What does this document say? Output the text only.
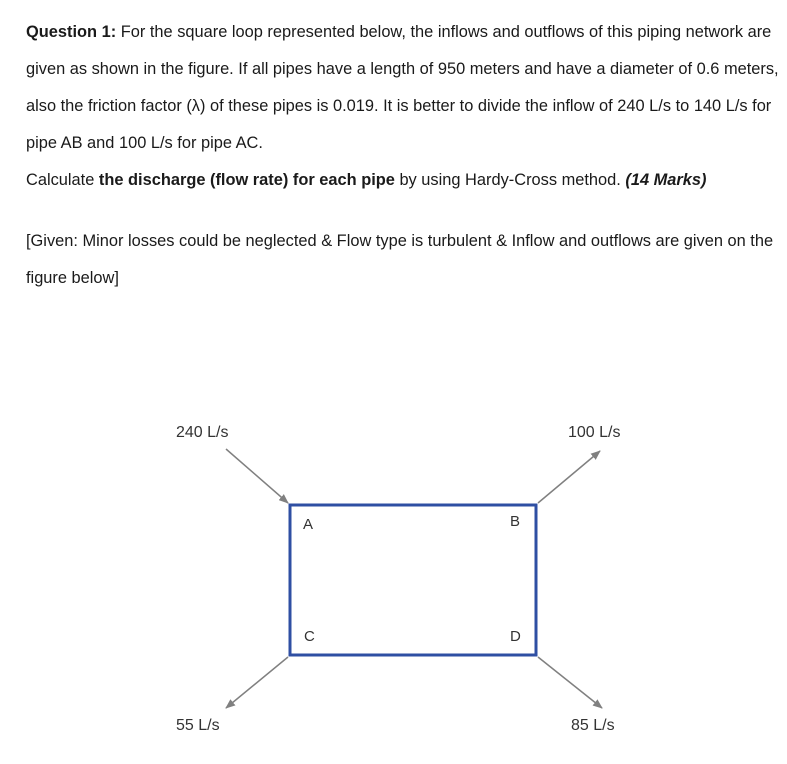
Question 1: For the square loop represented below, the inflows and outflows of this piping network are given as shown in the figure. If all pipes have a length of 950 meters and have a diameter of 0.6 meters, also the friction factor (λ) of these pipes is 0.019. It is better to divide the inflow of 240 L/s to 140 L/s for pipe AB and 100 L/s for pipe AC.

Calculate the discharge (flow rate) for each pipe by using Hardy-Cross method. (14 Marks)

[Given: Minor losses could be neglected & Flow type is turbulent & Inflow and outflows are given on the figure below]

240 L/s	100 L/s
55 L/s	85 L/s
A	B
C	D
